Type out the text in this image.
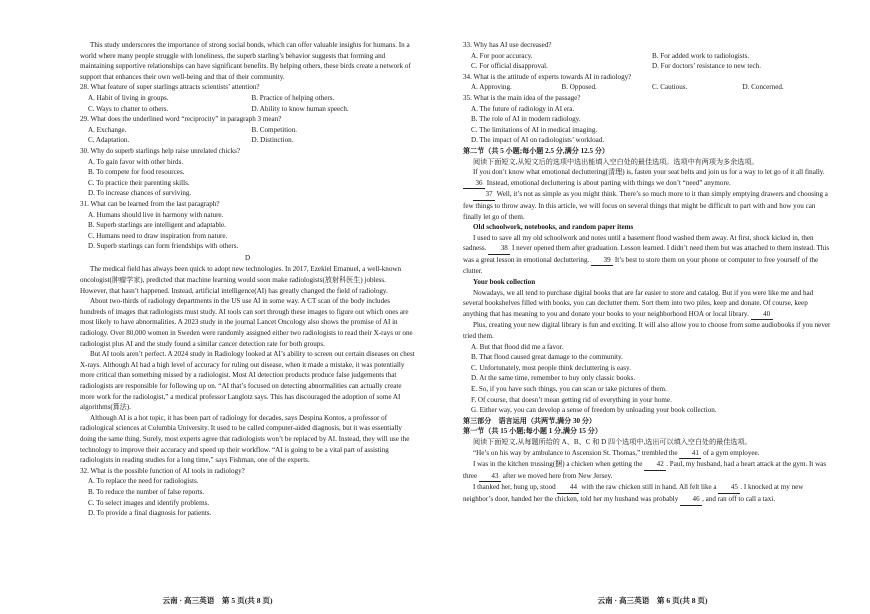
This study underscores the importance of strong social bonds, which can offer valuable insights for humans. In a world where many people struggle with loneliness, the superb starling’s behavior suggests that forming and maintaining supportive relationships can have significant benefits. By helping others, these birds create a network of support that enhances their own well-being and that of their community.

28. What feature of super starlings attracts scientists’ attention?

A. Habit of living in groups.	B. Practice of helping others.
C. Ways to chatter to others.	D. Ability to know human speech.

29. What does the underlined word “reciprocity” in paragraph 3 mean?

A. Exchange.	B. Competition.
C. Adaptation.	D. Distinction.

30. Why do superb starlings help raise unrelated chicks?

A. To gain favor with other birds.

B. To compete for food resources.

C. To practice their parenting skills.

D. To increase chances of surviving.

31. What can be learned from the last paragraph?

A. Humans should live in harmony with nature.

B. Superb starlings are intelligent and adaptable.

C. Humans need to draw inspiration from nature.

D. Superb starlings can form friendships with others.

D

The medical field has always been quick to adopt new technologies. In 2017, Ezekiel Emanuel, a well-known oncologist(肿瘤学家), predicted that machine learning would soon make radiologists(放射科医生) jobless. However, that hasn’t happened. Instead, artificial intelligence(AI) has greatly changed the field of radiology.

About two-thirds of radiology departments in the US use AI in some way. A CT scan of the body includes hundreds of images that radiologists must study. AI tools can sort through these images to figure out which ones are most likely to have abnormalities. A 2023 study in the journal Lancet Oncology also shows the promise of AI in radiology. Over 80,000 women in Sweden were randomly assigned either two radiologists to read their X-rays or one radiologist plus AI and the study found a similar cancer detection rate for both groups.

But AI tools aren’t perfect. A 2024 study in Radiology looked at AI’s ability to screen out certain diseases on chest X-rays. Although AI had a high level of accuracy for ruling out disease, when it made a mistake, it was potentially more critical than something missed by a radiologist. Most AI detection products produce false judgements that radiologists are responsible for following up on. “AI that’s focused on detecting abnormalities can actually create more work for the radiologist,” a medical professor Langlotz says. This has discouraged the adoption of some AI algorithms(算法).

Although AI is a hot topic, it has been part of radiology for decades, says Despina Kontos, a professor of radiological sciences at Columbia University. It used to be called computer-aided diagnosis, but it was essentially doing the same thing. Surely, most experts agree that radiologists won’t be replaced by AI. Instead, they will use the technology to improve their accuracy and speed up their workflow. “AI is going to be a vital part of assisting radiologists in reading studies for a long time,” says Fishman, one of the experts.

32. What is the possible function of AI tools in radiology?

A. To replace the need for radiologists.

B. To reduce the number of false reports.

C. To select images and identify problems.

D. To provide a final diagnosis for patients.

云南 · 高三英语　第 5 页(共 8 页)

33. Why has AI use decreased?

A. For poor accuracy.	B. For added work to radiologists.
C. For official disapproval.	D. For doctors’ resistance to new tech.

34. What is the attitude of experts towards AI in radiology?

A. Approving.	B. Opposed.	C. Cautious.	D. Concerned.

35. What is the main idea of the passage?

A. The future of radiology in AI era.

B. The role of AI in modern radiology.

C. The limitations of AI in medical imaging.

D. The impact of AI on radiologists’ workload.

第二节（共 5 小题;每小题 2.5 分,满分 12.5 分）

阅读下面短文,从短文后的选项中选出能填入空白处的最佳选项。选项中有两项为多余选项。

If you don’t know what emotional decluttering(清理) is, fasten your seat belts and join us for a way to let go of it all finally. 36 Instead, emotional decluttering is about parting with things we don’t “need” anymore.

37 Well, it’s not as simple as you might think. There’s so much more to it than simply emptying drawers and choosing a few things to throw away. In this article, we will focus on several things that might be difficult to part with and how you can finally let go of them.

Old schoolwork, notebooks, and random paper items

I used to save all my old schoolwork and notes until a basement flood washed them away. At first, shock kicked in, then sadness. 38 I never opened them after graduation. Lesson learned. I didn’t need them but was attached to them instead. This was a great lesson in emotional decluttering. 39 It’s best to store them on your phone or computer to free yourself of the clutter.

Your book collection

Nowadays, we all tend to purchase digital books that are far easier to store and catalog. But if you were like me and had several bookshelves filled with books, you can declutter them. Sort them into two piles, keep and donate. Of course, keep anything that has meaning to you and donate your books to your neighborhood HOA or local library. 40

Plus, creating your new digital library is fun and exciting. It will also allow you to choose from some audiobooks if you never tried them.

A. But that flood did me a favor.

B. That flood caused great damage to the community.

C. Unfortunately, most people think decluttering is easy.

D. At the same time, remember to buy only classic books.

E. So, if you have such things, you can scan or take pictures of them.

F. Of course, that doesn’t mean getting rid of everything in your home.

G. Either way, you can develop a sense of freedom by unloading your book collection.

第三部分　语言运用（共两节,满分 30 分）

第一节（共 15 小题;每小题 1 分,满分 15 分）

阅读下面短文,从每题所给的 A、B、C 和 D 四个选项中,选出可以填入空白处的最佳选项。

“He’s on his way by ambulance to Ascension St. Thomas,” trembled the 41 of a gym employee.

I was in the kitchen trussing(捆) a chicken when getting the 42 . Paul, my husband, had a heart attack at the gym. It was three 43 after we moved here from New Jersey.

I thanked her, hung up, stood 44 with the raw chicken still in hand. All felt like a 45 . I knocked at my new neighbor’s door, handed her the chicken, told her my husband was probably 46 , and ran off to call a taxi.

云南 · 高三英语　第 6 页(共 8 页)
